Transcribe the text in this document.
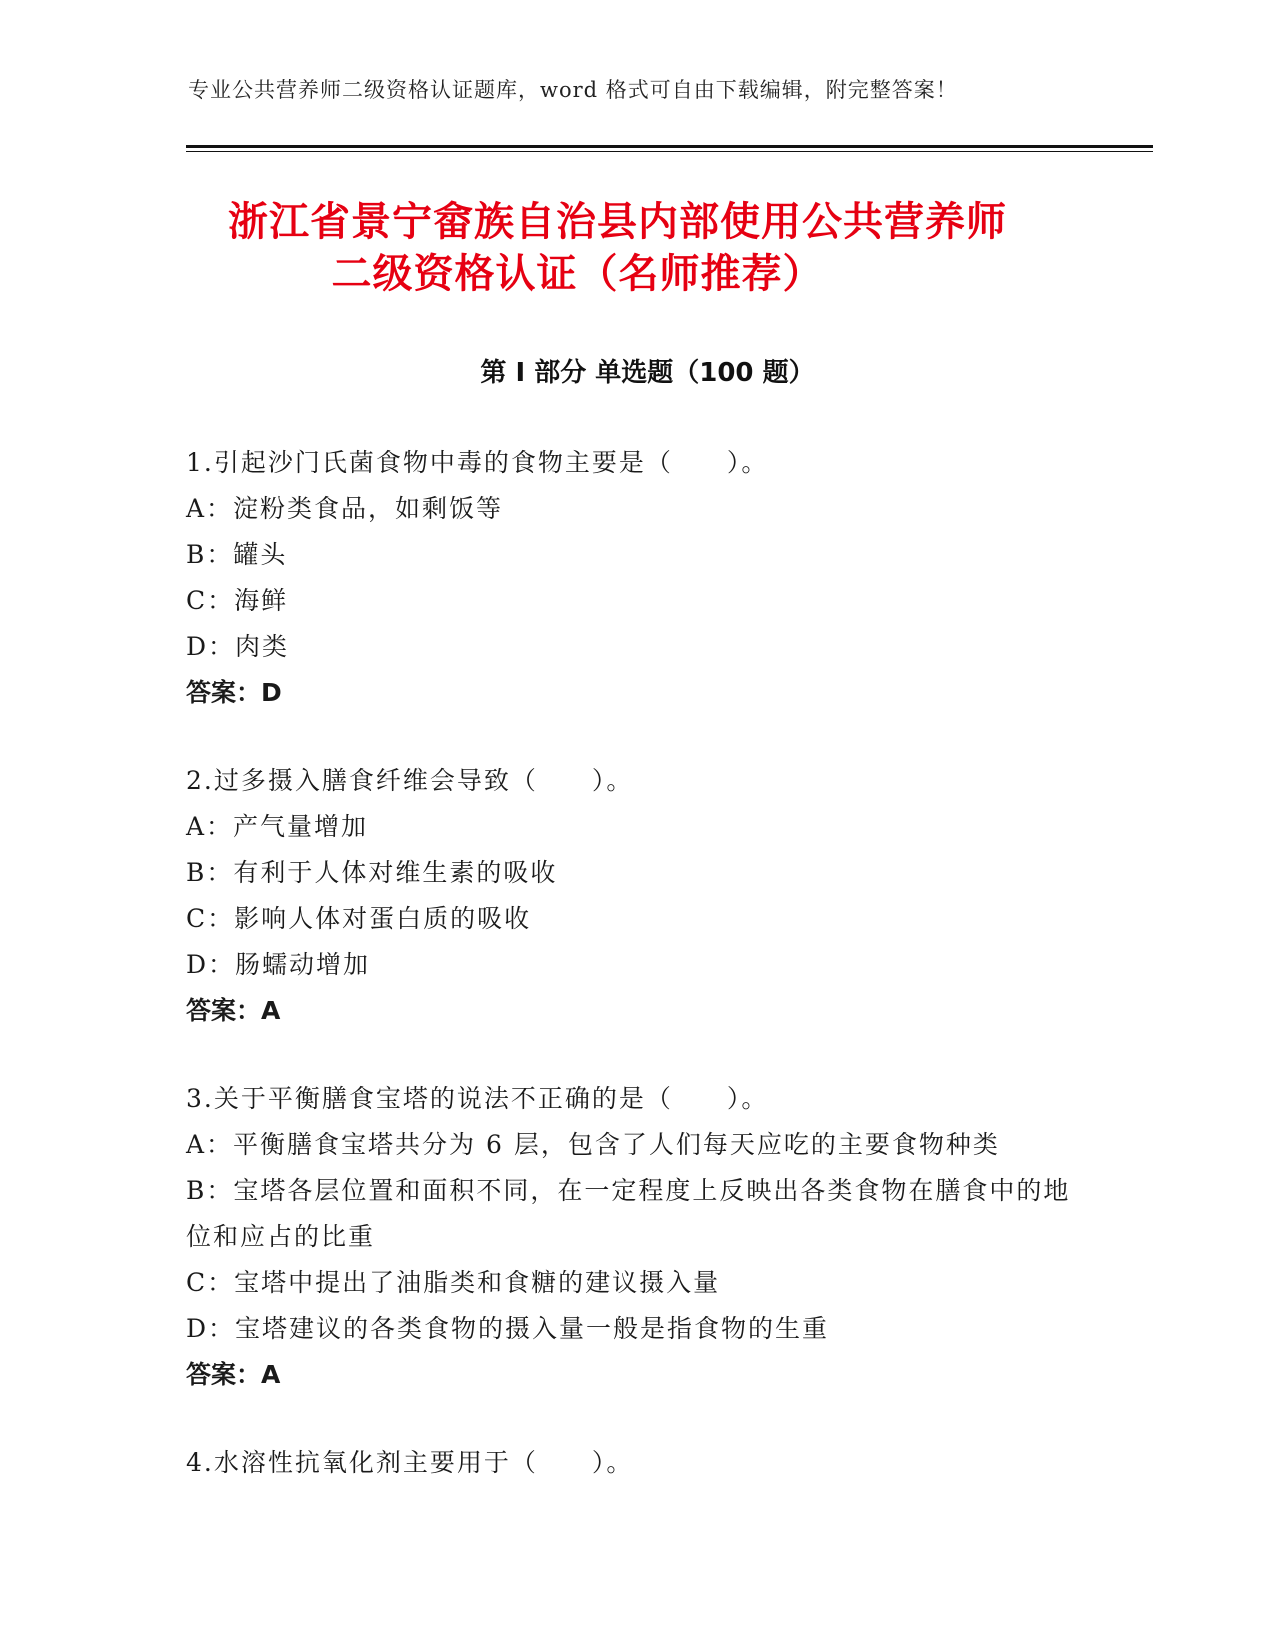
专业公共营养师二级资格认证题库，word 格式可自由下载编辑，附完整答案！
浙江省景宁畲族自治县内部使用公共营养师
二级资格认证（名师推荐）
第 I 部分 单选题（100 题）
1.引起沙门氏菌食物中毒的食物主要是（　　）。
A：淀粉类食品，如剩饭等
B：罐头
C：海鲜
D：肉类
答案：D
2.过多摄入膳食纤维会导致（　　）。
A：产气量增加
B：有利于人体对维生素的吸收
C：影响人体对蛋白质的吸收
D：肠蠕动增加
答案：A
3.关于平衡膳食宝塔的说法不正确的是（　　）。
A：平衡膳食宝塔共分为 6 层，包含了人们每天应吃的主要食物种类
B：宝塔各层位置和面积不同，在一定程度上反映出各类食物在膳食中的地位和应占的比重
C：宝塔中提出了油脂类和食糖的建议摄入量
D：宝塔建议的各类食物的摄入量一般是指食物的生重
答案：A
4.水溶性抗氧化剂主要用于（　　）。
